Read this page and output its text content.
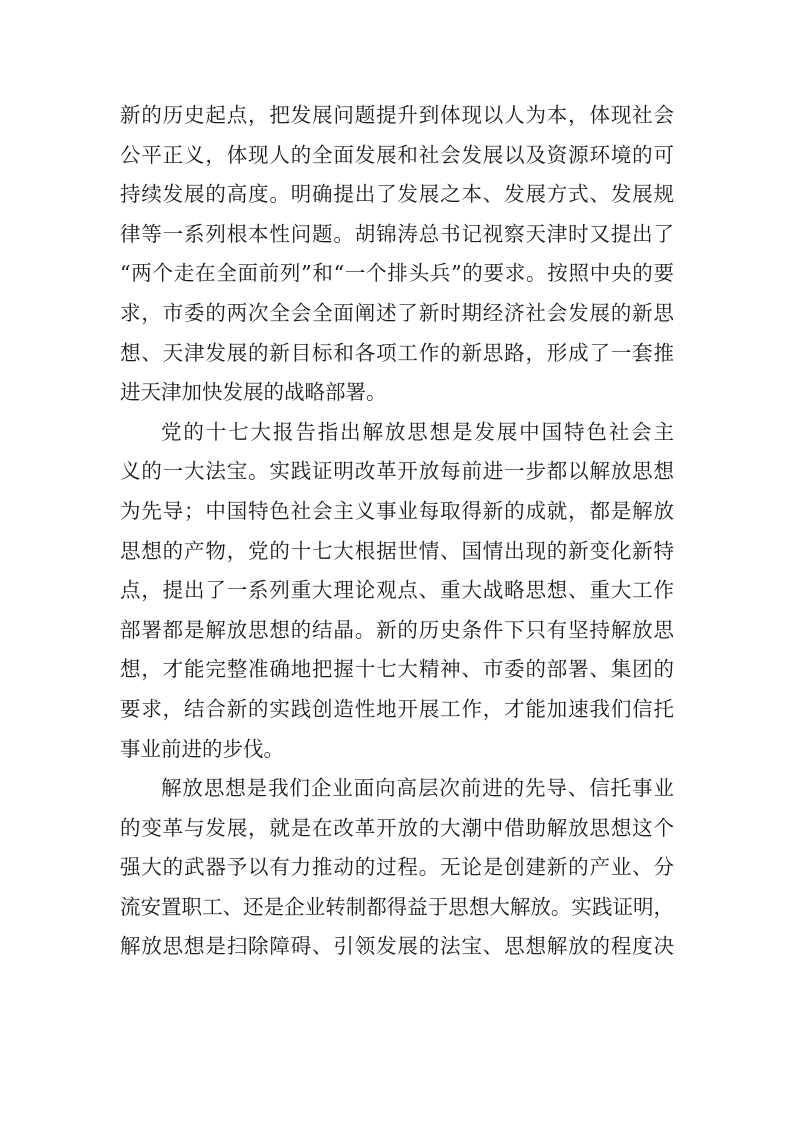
新的历史起点，把发展问题提升到体现以人为本，体现社会
公平正义，体现人的全面发展和社会发展以及资源环境的可
持续发展的高度。明确提出了发展之本、发展方式、发展规
律等一系列根本性问题。胡锦涛总书记视察天津时又提出了
“两个走在全面前列”和“一个排头兵”的要求。按照中央的要
求，市委的两次全会全面阐述了新时期经济社会发展的新思
想、天津发展的新目标和各项工作的新思路，形成了一套推
进天津加快发展的战略部署。
党的十七大报告指出解放思想是发展中国特色社会主
义的一大法宝。实践证明改革开放每前进一步都以解放思想
为先导；中国特色社会主义事业每取得新的成就，都是解放
思想的产物，党的十七大根据世情、国情出现的新变化新特
点，提出了一系列重大理论观点、重大战略思想、重大工作
部署都是解放思想的结晶。新的历史条件下只有坚持解放思
想，才能完整准确地把握十七大精神、市委的部署、集团的
要求，结合新的实践创造性地开展工作，才能加速我们信托
事业前进的步伐。
解放思想是我们企业面向高层次前进的先导、信托事业
的变革与发展，就是在改革开放的大潮中借助解放思想这个
强大的武器予以有力推动的过程。无论是创建新的产业、分
流安置职工、还是企业转制都得益于思想大解放。实践证明，
解放思想是扫除障碍、引领发展的法宝、思想解放的程度决
